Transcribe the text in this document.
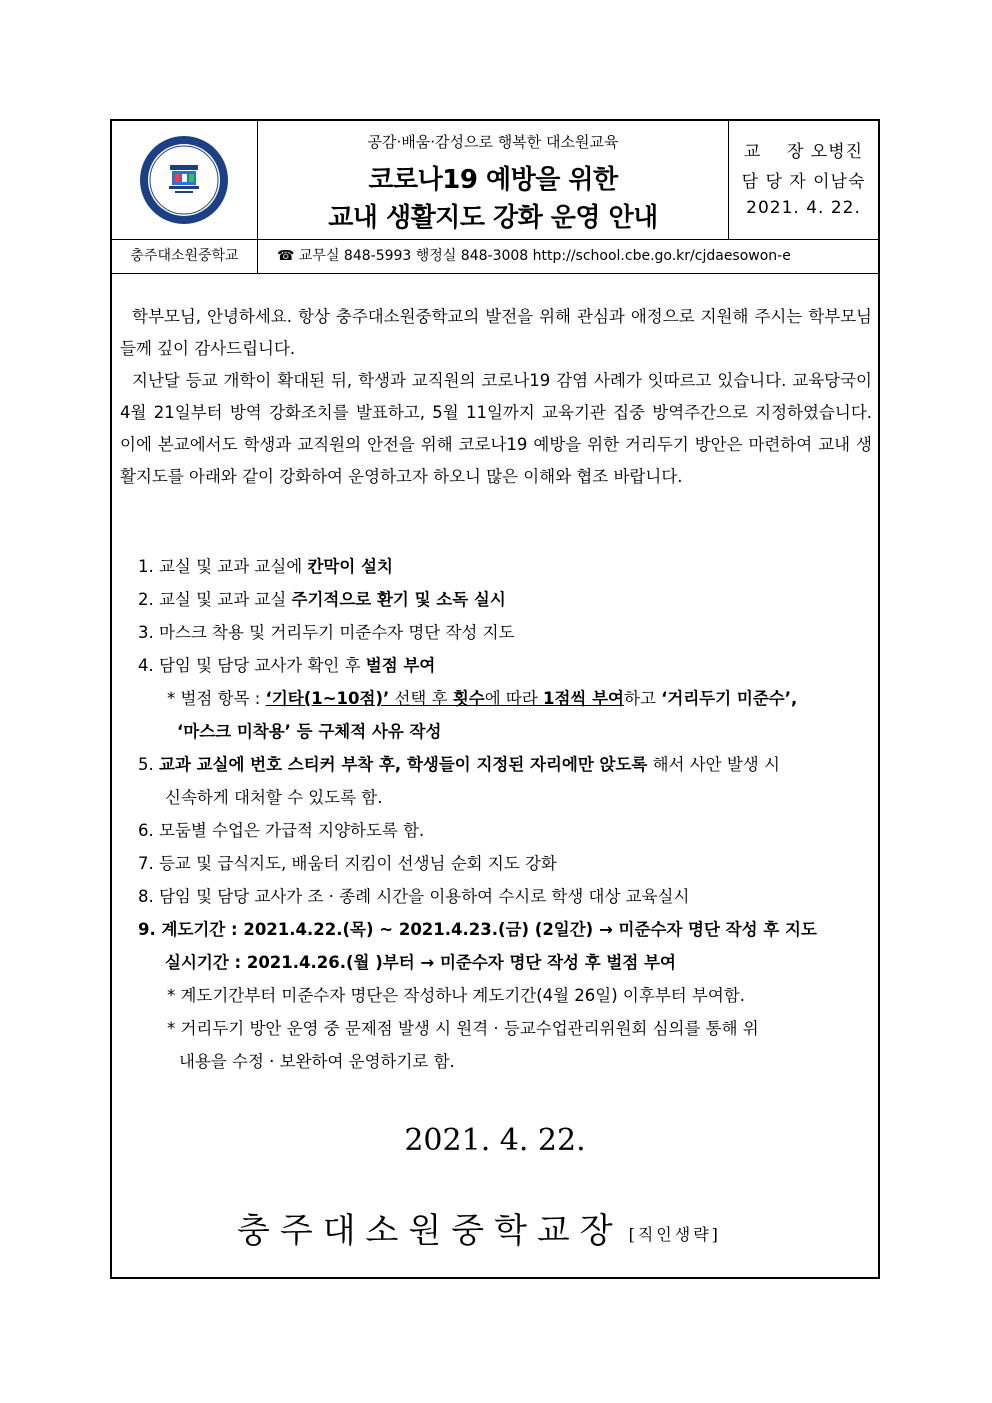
공감·배움·감성으로 행복한 대소원교육
코로나19 예방을 위한
교내 생활지도 강화 운영 안내
교    장 오병진
담 당 자 이남숙
2021. 4. 22.
충주대소원중학교	☎ 교무실 848-5993 행정실 848-3008 http://school.cbe.go.kr/cjdaesowon-e
학부모님, 안녕하세요. 항상 충주대소원중학교의 발전을 위해 관심과 애정으로 지원해 주시는 학부모님들께 깊이 감사드립니다.
지난달 등교 개학이 확대된 뒤, 학생과 교직원의 코로나19 감염 사례가 잇따르고 있습니다. 교육당국이 4월 21일부터 방역 강화조치를 발표하고, 5월 11일까지 교육기관 집중 방역주간으로 지정하였습니다. 이에 본교에서도 학생과 교직원의 안전을 위해 코로나19 예방을 위한 거리두기 방안은 마련하여 교내 생활지도를 아래와 같이 강화하여 운영하고자 하오니 많은 이해와 협조 바랍니다.
1. 교실 및 교과 교실에 칸막이 설치
2. 교실 및 교과 교실 주기적으로 환기 및 소독 실시
3. 마스크 착용 및 거리두기 미준수자 명단 작성 지도
4. 담임 및 담당 교사가 확인 후 벌점 부여
* 벌점 항목 : ‘기타(1~10점)’ 선택 후 횟수에 따라 1점씩 부여하고 ‘거리두기 미준수’,
‘마스크 미착용’ 등 구체적 사유 작성
5. 교과 교실에 번호 스티커 부착 후, 학생들이 지정된 자리에만 앉도록 해서 사안 발생 시
신속하게 대처할 수 있도록 함.
6. 모둠별 수업은 가급적 지양하도록 함.
7. 등교 및 급식지도, 배움터 지킴이 선생님 순회 지도 강화
8. 담임 및 담당 교사가 조 · 종례 시간을 이용하여 수시로 학생 대상 교육실시
9. 계도기간 : 2021.4.22.(목) ~ 2021.4.23.(금) (2일간) → 미준수자 명단 작성 후 지도
실시기간 : 2021.4.26.(월 )부터 → 미준수자 명단 작성 후 벌점 부여
* 계도기간부터 미준수자 명단은 작성하나 계도기간(4월 26일) 이후부터 부여함.
* 거리두기 방안 운영 중 문제점 발생 시 원격 · 등교수업관리위원회 심의를 통해 위
내용을 수정 · 보완하여 운영하기로 함.
2021. 4. 22.
충주대소원중학교장 [직인생략]
